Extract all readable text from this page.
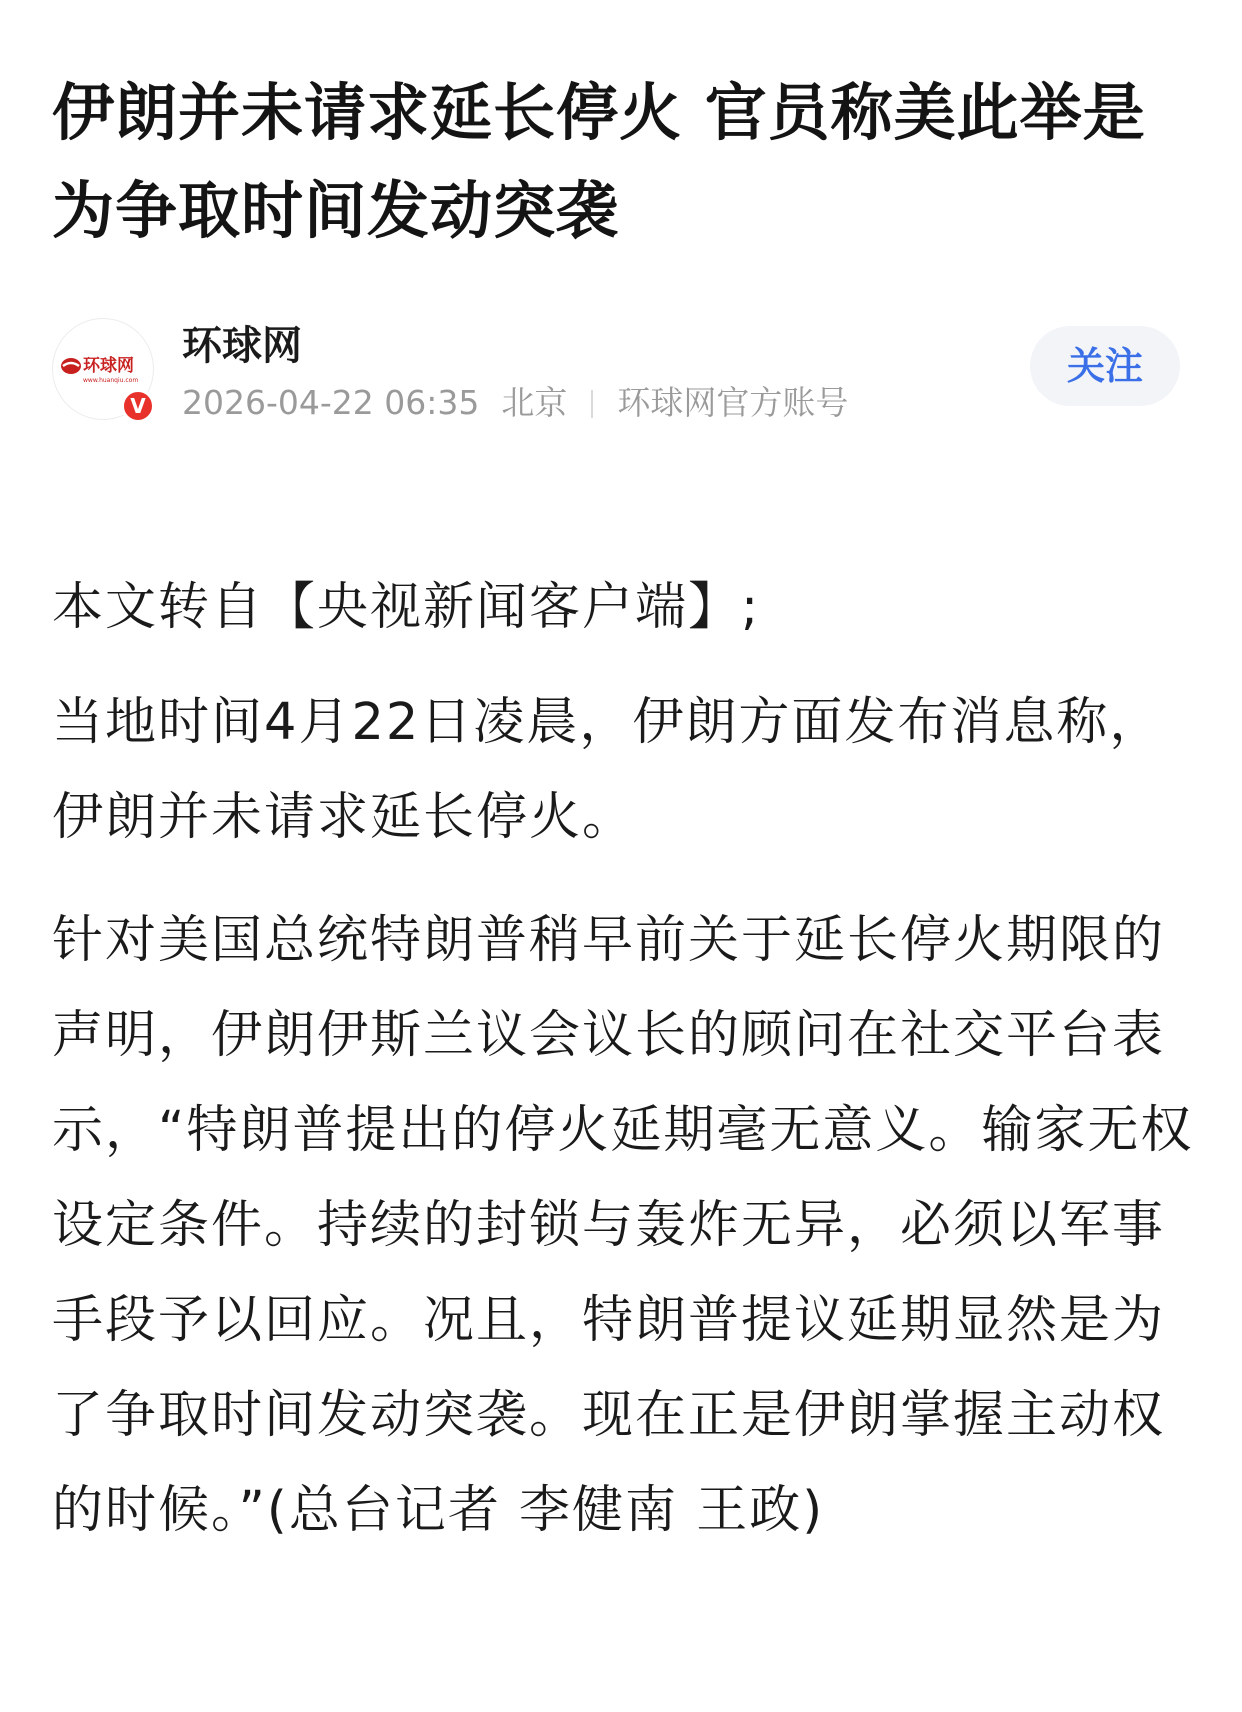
伊朗并未请求延长停火 官员称美此举是为争取时间发动突袭
环球网
www.huanqiu.com
V
环球网
2026-04-22 06:35 北京 环球网官方账号
关注

本文转自【央视新闻客户端】;

当地时间4月22日凌晨，伊朗方面发布消息称，伊朗并未请求延长停火。

针对美国总统特朗普稍早前关于延长停火期限的声明，伊朗伊斯兰议会议长的顾问在社交平台表示，“特朗普提出的停火延期毫无意义。输家无权设定条件。持续的封锁与轰炸无异，必须以军事手段予以回应。况且，特朗普提议延期显然是为了争取时间发动突袭。现在正是伊朗掌握主动权的时候。”(总台记者 李健南 王政)
